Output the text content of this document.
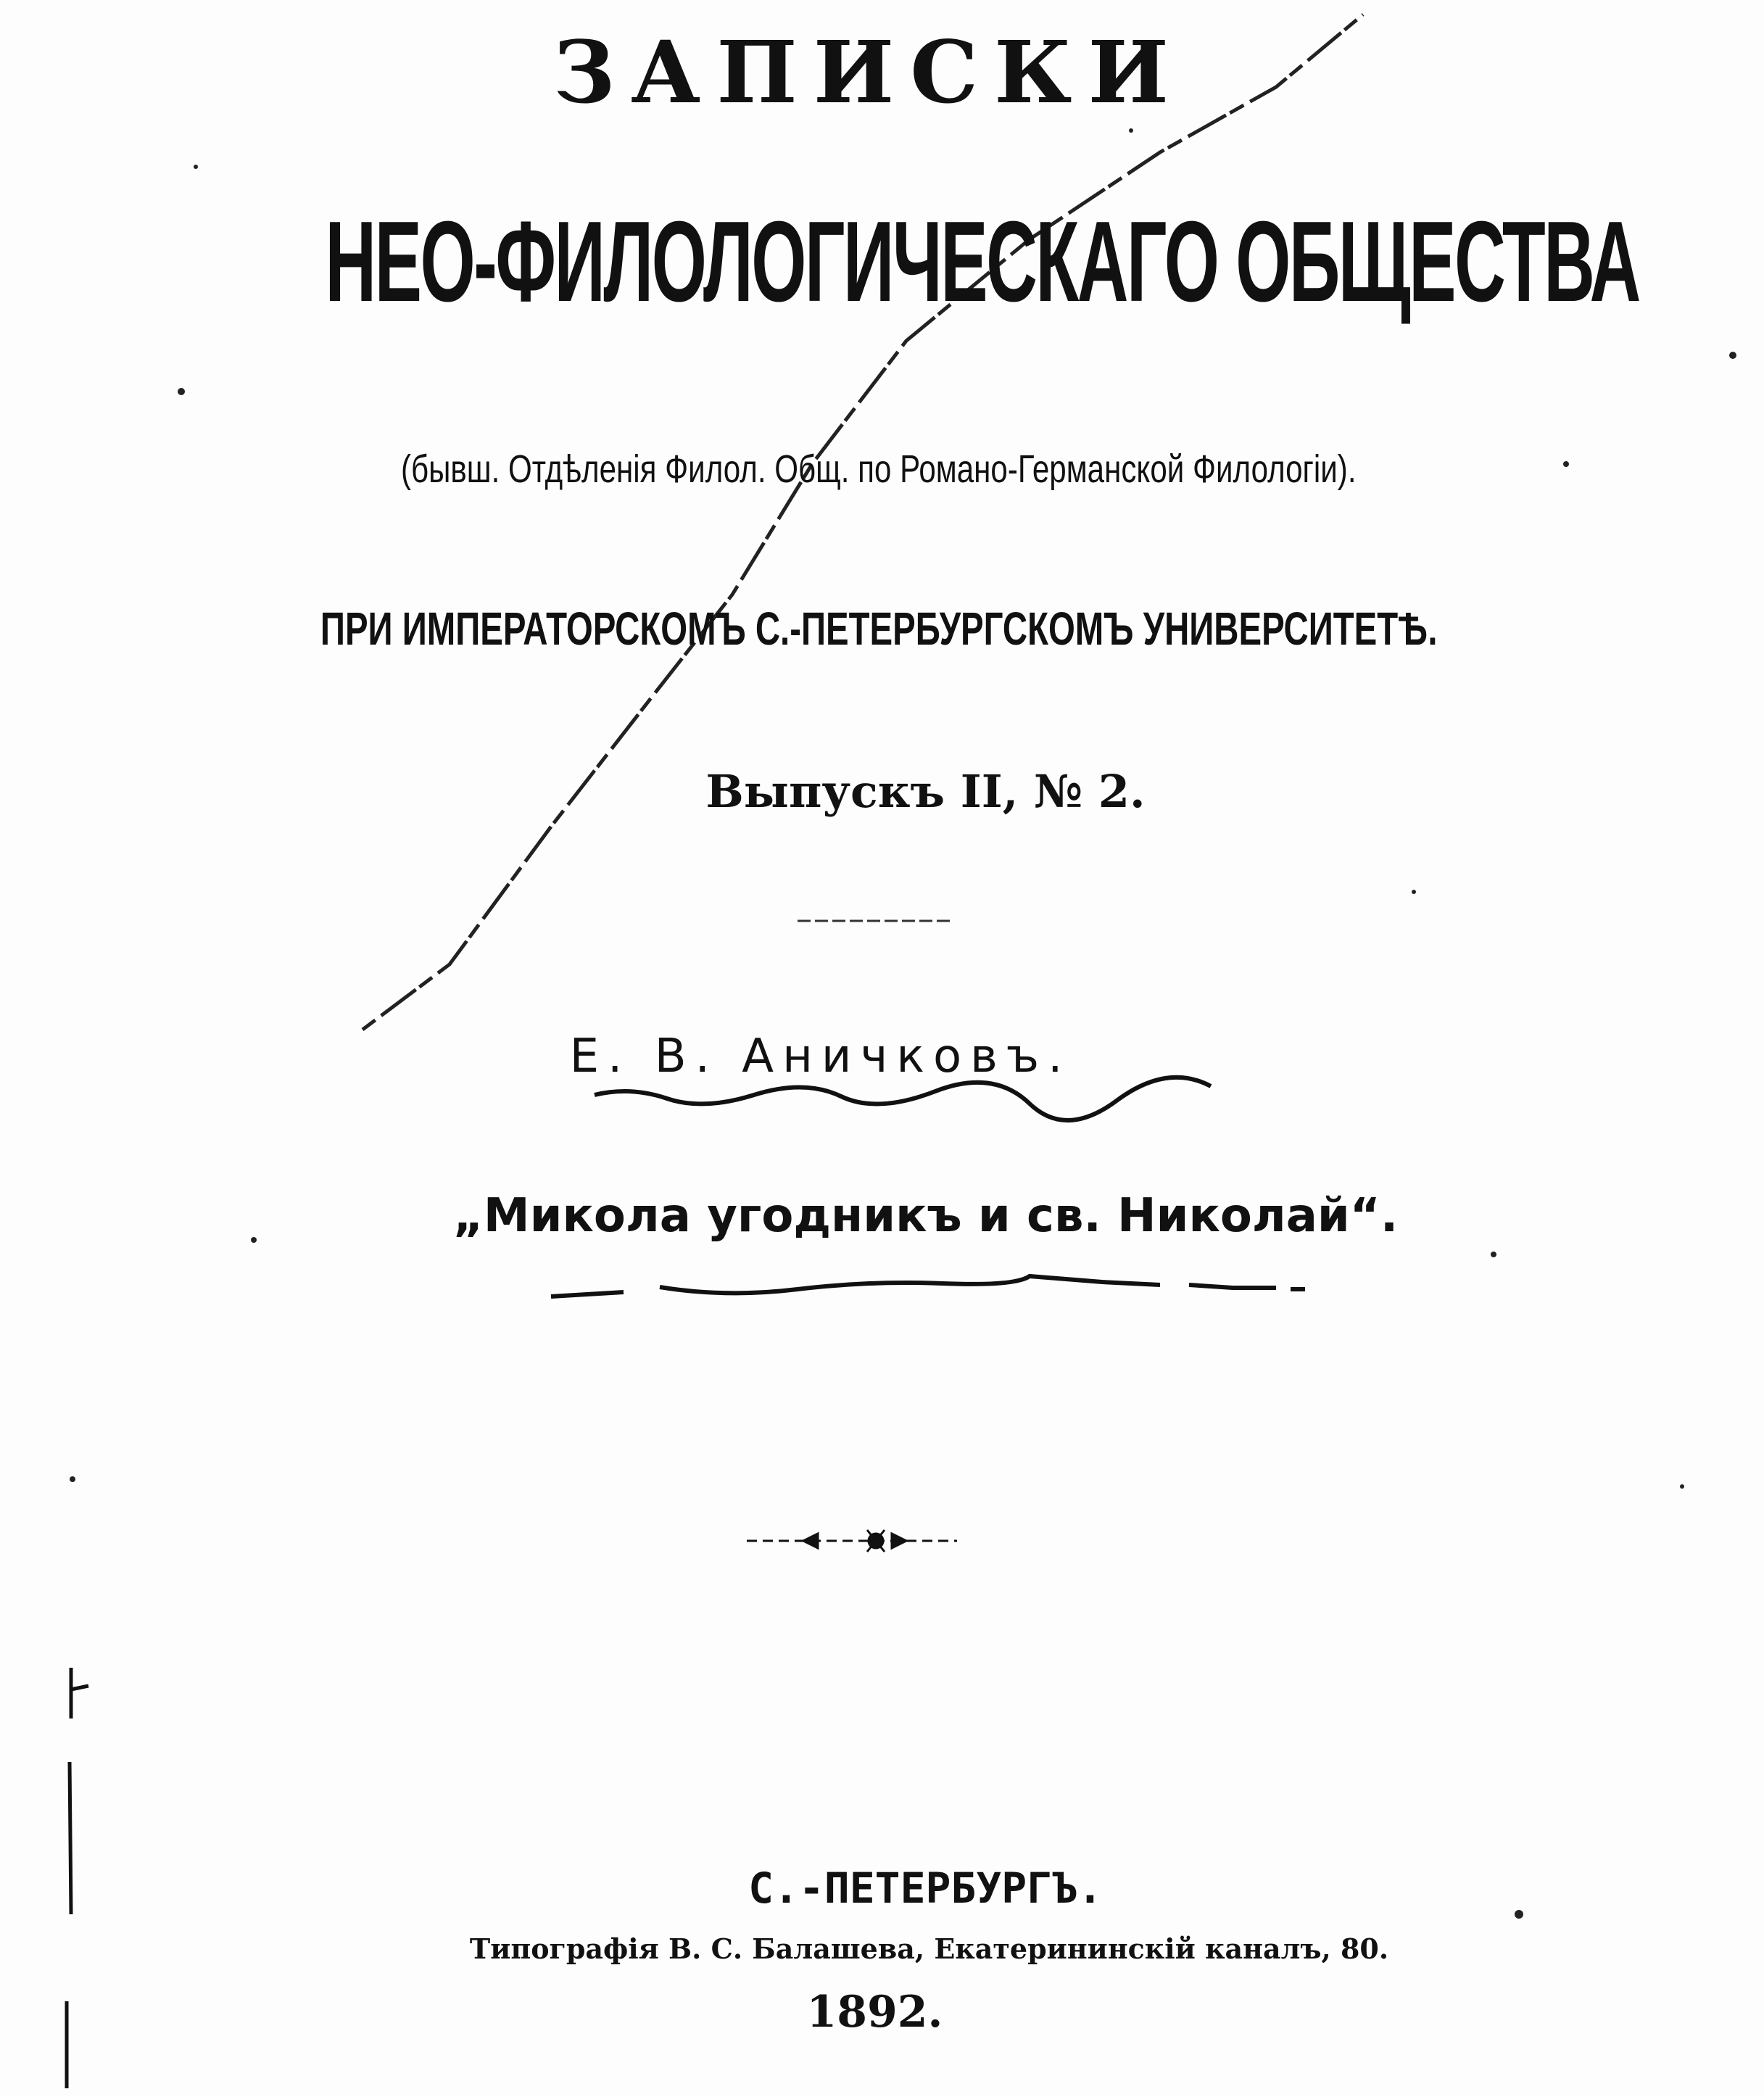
ЗАПИСКИ
НЕО-ФИЛОЛОГИЧЕСКАГО ОБЩЕСТВА
(бывш. Отдѣленія Филол. Общ. по Романо-Германской Филологіи).
ПРИ ИМПЕРАТОРСКОМЪ С.-ПЕТЕРБУРГСКОМЪ УНИВЕРСИТЕТѢ.
Выпускъ II, № 2.
Е. В. Аничковъ.
„Микола угодникъ и св. Николай“.
С.-ПЕТЕРБУРГЪ.
Типографія В. С. Балашева, Екатерининскій каналъ, 80.
1892.
